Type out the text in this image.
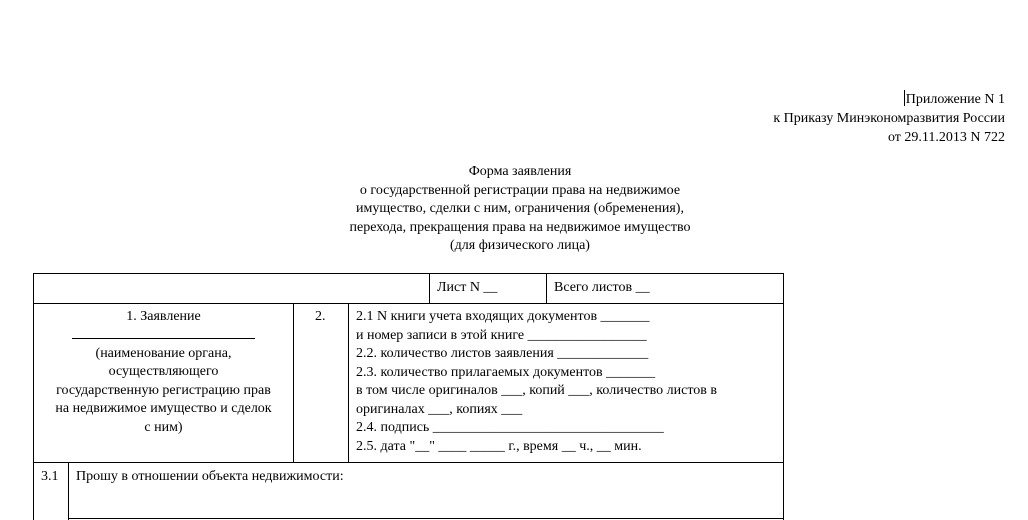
Приложение N 1
к Приказу Минэкономразвития России
от 29.11.2013 N 722
Форма заявления
о государственной регистрации права на недвижимое
имущество, сделки с ним, ограничения (обременения),
перехода, прекращения права на недвижимое имущество
(для физического лица)
Лист N __	Всего листов __
1. Заявление
(наименование органа,
осуществляющего
государственную регистрацию прав
на недвижимое имущество и сделок
с ним)
2. 2.1 N книги учета входящих документов _______
и номер записи в этой книге _________________
2.2. количество листов заявления _____________
2.3. количество прилагаемых документов _______
в том числе оригиналов ___, копий ___, количество листов в
оригиналах ___, копиях ___
2.4. подпись _________________________________
2.5. дата "__" ____ _____ г., время __ ч., __ мин.
3.1 Прошу в отношении объекта недвижимости:
